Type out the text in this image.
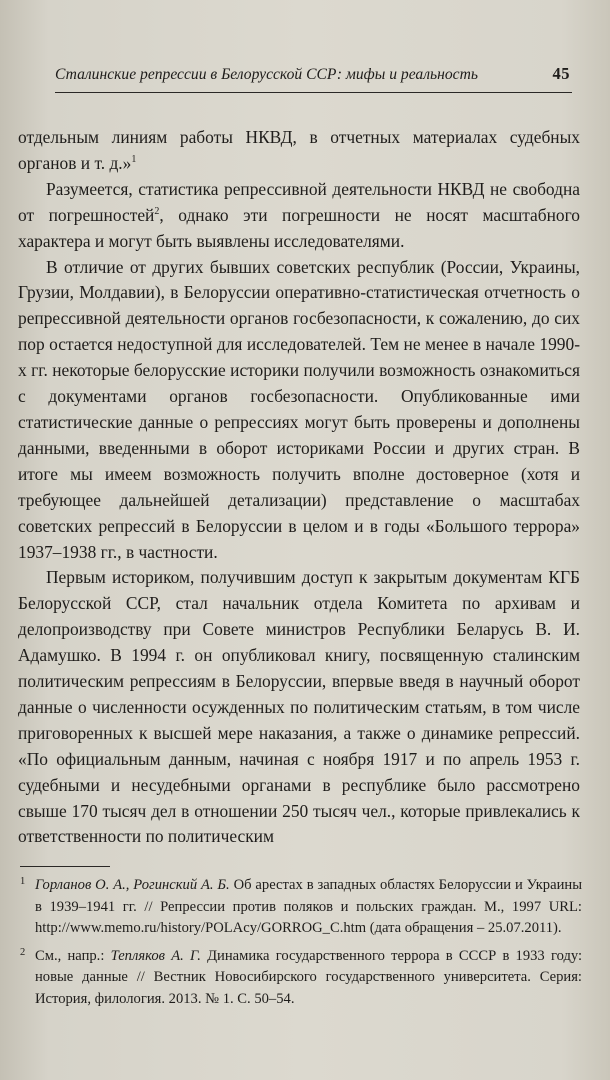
Сталинские репрессии в Белорусской ССР: мифы и реальность	45

отдельным линиям работы НКВД, в отчетных материалах судебных органов и т. д.»$^1$

Разумеется, статистика репрессивной деятельности НКВД не свободна от погрешностей$^2$, однако эти погрешности не носят масштабного характера и могут быть выявлены исследователями.

В отличие от других бывших советских республик (России, Украины, Грузии, Молдавии), в Белоруссии оперативно-статистическая отчетность о репрессивной деятельности органов госбезопасности, к сожалению, до сих пор остается недоступной для исследователей. Тем не менее в начале 1990-х гг. некоторые белорусские историки получили возможность ознакомиться с документами органов госбезопасности. Опубликованные ими статистические данные о репрессиях могут быть проверены и дополнены данными, введенными в оборот историками России и других стран. В итоге мы имеем возможность получить вполне достоверное (хотя и требующее дальнейшей детализации) представление о масштабах советских репрессий в Белоруссии в целом и в годы «Большого террора» 1937–1938 гг., в частности.

Первым историком, получившим доступ к закрытым документам КГБ Белорусской ССР, стал начальник отдела Комитета по архивам и делопроизводству при Совете министров Республики Беларусь В. И. Адамушко. В 1994 г. он опубликовал книгу, посвященную сталинским политическим репрессиям в Белоруссии, впервые введя в научный оборот данные о численности осужденных по политическим статьям, в том числе приговоренных к высшей мере наказания, а также о динамике репрессий. «По официальным данным, начиная с ноября 1917 и по апрель 1953 г. судебными и несудебными органами в республике было рассмотрено свыше 170 тысяч дел в отношении 250 тысяч чел., которые привлекались к ответственности по политическим

1 Горланов О. А., Рогинский А. Б. Об арестах в западных областях Белоруссии и Украины в 1939–1941 гг. // Репрессии против поляков и польских граждан. М., 1997 URL: http://www.memo.ru/history/POLAcy/GORROG_C.htm (дата обращения – 25.07.2011).

2 См., напр.: Тепляков А. Г. Динамика государственного террора в СССР в 1933 году: новые данные // Вестник Новосибирского государственного университета. Серия: История, филология. 2013. № 1. С. 50–54.
